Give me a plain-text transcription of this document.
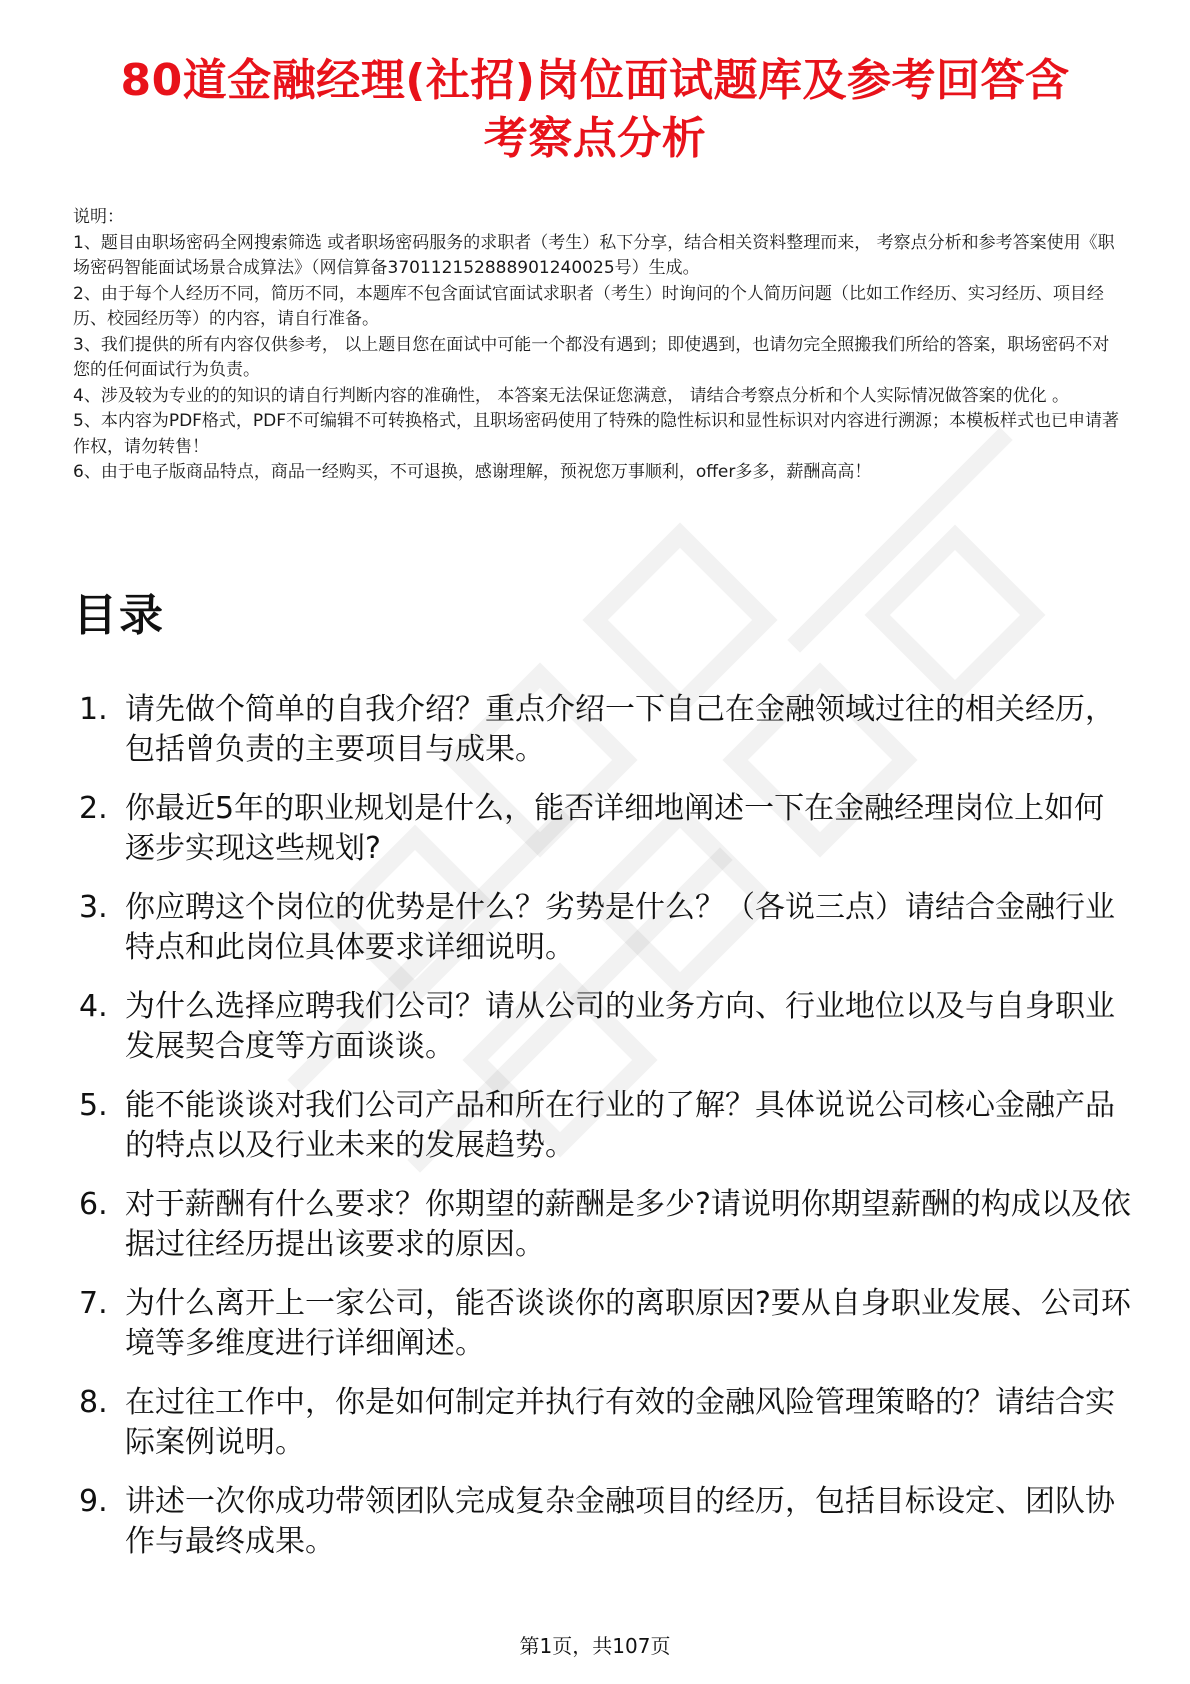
80道金融经理(社招)岗位面试题库及参考回答含
考察点分析

说明：

1、题目由职场密码全网搜索筛选 或者职场密码服务的求职者（考生）私下分享，结合相关资料整理而来， 考察点分析和参考答案使用《职场密码智能面试场景合成算法》（网信算备370112152888901240025号）生成。

2、由于每个人经历不同，简历不同，本题库不包含面试官面试求职者（考生）时询问的个人简历问题（比如工作经历、实习经历、项目经历、校园经历等）的内容，请自行准备。

3、我们提供的所有内容仅供参考， 以上题目您在面试中可能一个都没有遇到；即使遇到，也请勿完全照搬我们所给的答案，职场密码不对您的任何面试行为负责。

4、涉及较为专业的的知识的请自行判断内容的准确性， 本答案无法保证您满意， 请结合考察点分析和个人实际情况做答案的优化 。

5、本内容为PDF格式，PDF不可编辑不可转换格式，且职场密码使用了特殊的隐性标识和显性标识对内容进行溯源；本模板样式也已申请著作权，请勿转售！

6、由于电子版商品特点，商品一经购买，不可退换，感谢理解，预祝您万事顺利，offer多多，薪酬高高！

目录
1. 请先做个简单的自我介绍？重点介绍一下自己在金融领域过往的相关经历，包括曾负责的主要项目与成果。
2. 你最近5年的职业规划是什么，能否详细地阐述一下在金融经理岗位上如何逐步实现这些规划?
3. 你应聘这个岗位的优势是什么？劣势是什么？（各说三点）请结合金融行业特点和此岗位具体要求详细说明。
4. 为什么选择应聘我们公司？请从公司的业务方向、行业地位以及与自身职业发展契合度等方面谈谈。
5. 能不能谈谈对我们公司产品和所在行业的了解？具体说说公司核心金融产品的特点以及行业未来的发展趋势。
6. 对于薪酬有什么要求？你期望的薪酬是多少?请说明你期望薪酬的构成以及依据过往经历提出该要求的原因。
7. 为什么离开上一家公司，能否谈谈你的离职原因?要从自身职业发展、公司环境等多维度进行详细阐述。
8. 在过往工作中，你是如何制定并执行有效的金融风险管理策略的？请结合实际案例说明。
9. 讲述一次你成功带领团队完成复杂金融项目的经历，包括目标设定、团队协作与最终成果。
第1页，共107页
